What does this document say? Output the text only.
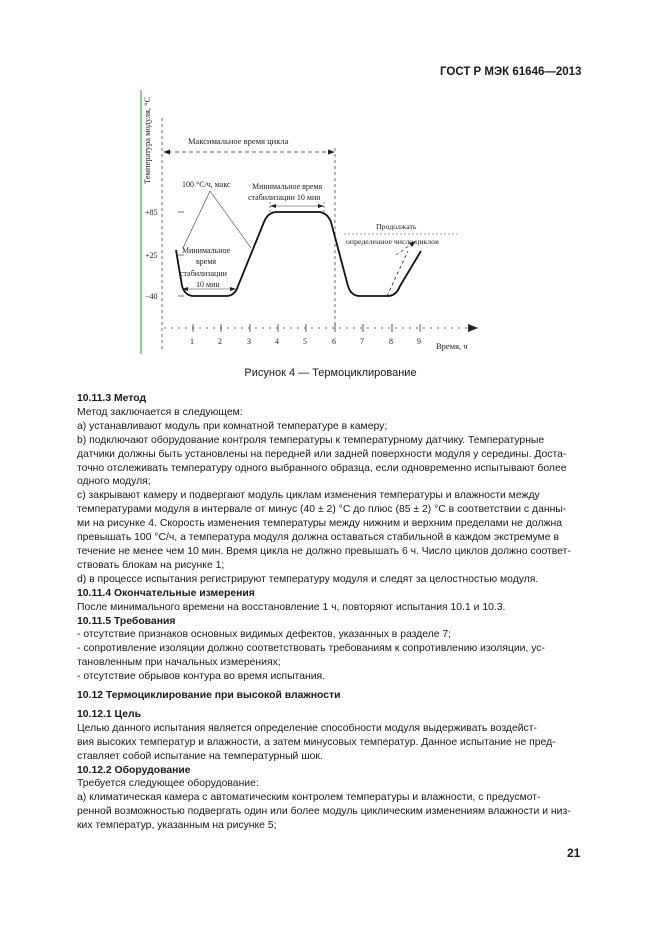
ГОСТ Р МЭК 61646—2013
Температура модуля, °C
+85
+25
−40
1	2	3	4	5	6	7	8	9 Время, ч
Максимальное время цикла
Продолжать
определенное число циклов
100 °C/ч, макс	Минимальное время
стабилизации 10 мин
Минимальное
время
стабилизации
10 мин
Рисунок 4 — Термоциклирование

10.11.3 Метод

Метод заключается в следующем:

а) устанавливают модуль при комнатной температуре в камеру;

b) подключают оборудование контроля температуры к температурному датчику. Температурные

датчики должны быть установлены на передней или задней поверхности модуля у середины. Доста-

точно отслеживать температуру одного выбранного образца, если одновременно испытывают более

одного модуля;

с) закрывают камеру и подвергают модуль циклам изменения температуры и влажности между

температурами модуля в интервале от минус (40 ± 2) °C до плюс (85 ± 2) °C в соответствии с данны-

ми на рисунке 4. Скорость изменения температуры между нижним и верхним пределами не должна

превышать 100 °С/ч, а температура модуля должна оставаться стабильной в каждом экстремуме в

течение не менее чем 10 мин. Время цикла не должно превышать 6 ч. Число циклов должно соответ-

ствовать блокам на рисунке 1;

d) в процессе испытания регистрируют температуру модуля и следят за целостностью модуля.

10.11.4 Окончательные измерения

После минимального времени на восстановление 1 ч, повторяют испытания 10.1 и 10.3.

10.11.5 Требования

- отсутствие признаков основных видимых дефектов, указанных в разделе 7;

- сопротивление изоляции должно соответствовать требованиям к сопротивлению изоляции, ус-

тановленным при начальных измерениях;

- отсутствие обрывов контура во время испытания.

10.12 Термоциклирование при высокой влажности

10.12.1 Цель

Целью данного испытания является определение способности модуля выдерживать воздейст-

вия высоких температур и влажности, а затем минусовых температур. Данное испытание не пред-

ставляет собой испытание на температурный шок.

10.12.2 Оборудование

Требуется следующее оборудование:

а) климатическая камера с автоматическим контролем температуры и влажности, с предусмот-

ренной возможностью подвергать один или более модуль циклическим изменениям влажности и низ-

ких температур, указанным на рисунке 5;

21
